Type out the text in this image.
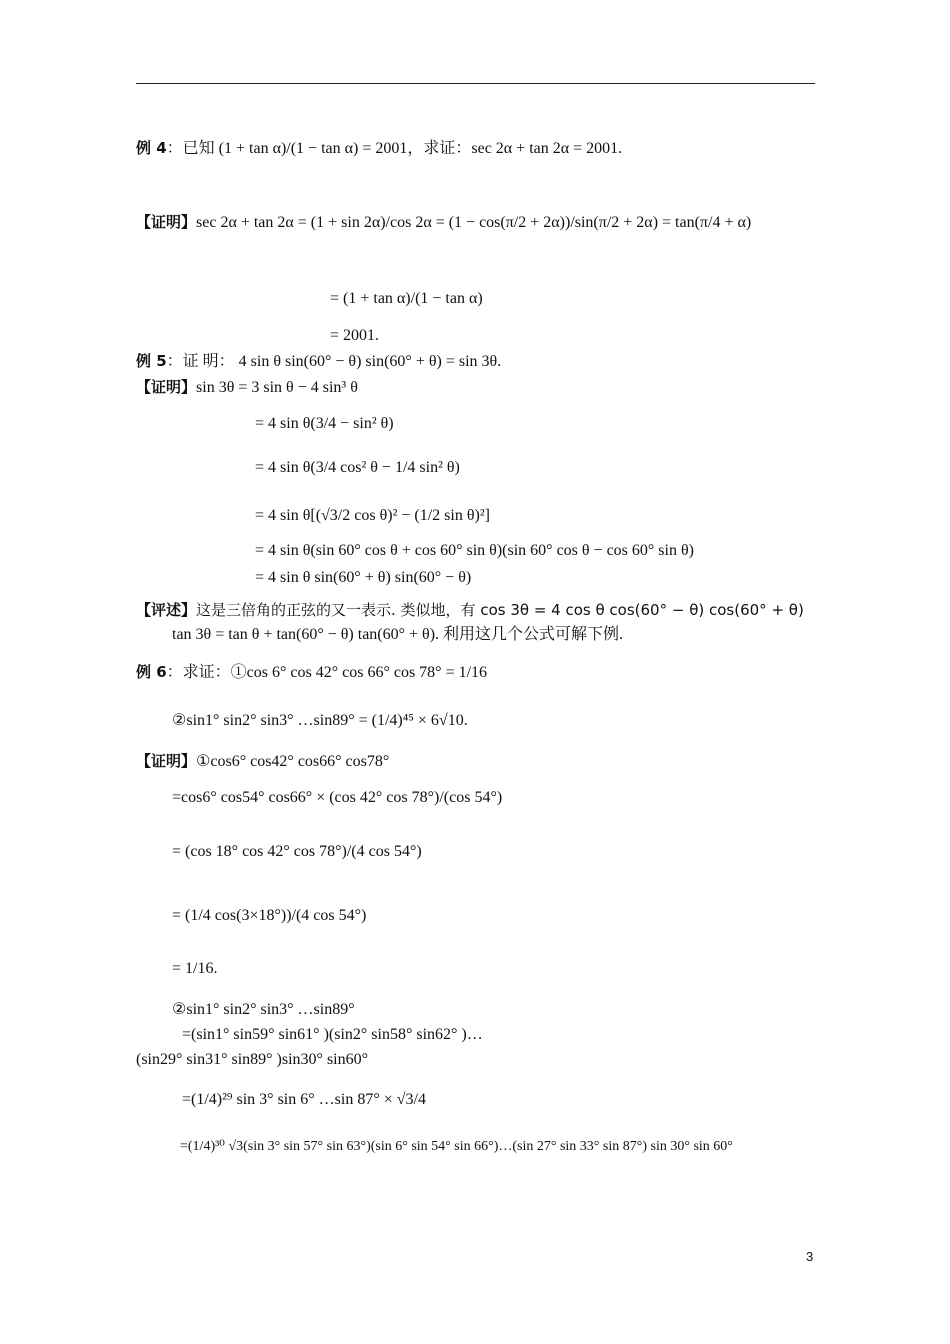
例 4：已知 (1 + tan α)/(1 − tan α) = 2001，求证：sec 2α + tan 2α = 2001.
【证明】sec 2α + tan 2α = (1 + sin 2α)/cos 2α = (1 − cos(π/2 + 2α))/sin(π/2 + 2α) = tan(π/4 + α)
= (1 + tan α)/(1 − tan α)
= 2001.
例 5：证 明： 4 sin θ sin(60° − θ) sin(60° + θ) = sin 3θ.
【证明】sin 3θ = 3 sin θ − 4 sin³ θ
= 4 sin θ(3/4 − sin² θ)
= 4 sin θ(3/4 cos² θ − 1/4 sin² θ)
= 4 sin θ[(√3/2 cos θ)² − (1/2 sin θ)²]
= 4 sin θ(sin 60° cos θ + cos 60° sin θ)(sin 60° cos θ − cos 60° sin θ)
= 4 sin θ sin(60° + θ) sin(60° − θ)
【评述】这是三倍角的正弦的又一表示. 类似地，有 cos 3θ = 4 cos θ cos(60° − θ) cos(60° + θ)
tan 3θ = tan θ + tan(60° − θ) tan(60° + θ). 利用这几个公式可解下例.
例 6：求证：①cos 6° cos 42° cos 66° cos 78° = 1/16
②sin1° sin2° sin3° …sin89° = (1/4)⁴⁵ × 6√10.
【证明】①cos6° cos42° cos66° cos78°
=cos6° cos54° cos66° × (cos 42° cos 78°)/(cos 54°)
= (cos 18° cos 42° cos 78°)/(4 cos 54°)
= (1/4 cos(3×18°))/(4 cos 54°)
= 1/16.
②sin1° sin2° sin3° …sin89°
=(sin1° sin59° sin61° )(sin2° sin58° sin62° )…
(sin29° sin31° sin89° )sin30° sin60°
=(1/4)²⁹ sin 3° sin 6° …sin 87° × √3/4
=(1/4)³⁰ √3(sin 3° sin 57° sin 63°)(sin 6° sin 54° sin 66°)…(sin 27° sin 33° sin 87°) sin 30° sin 60°
3
